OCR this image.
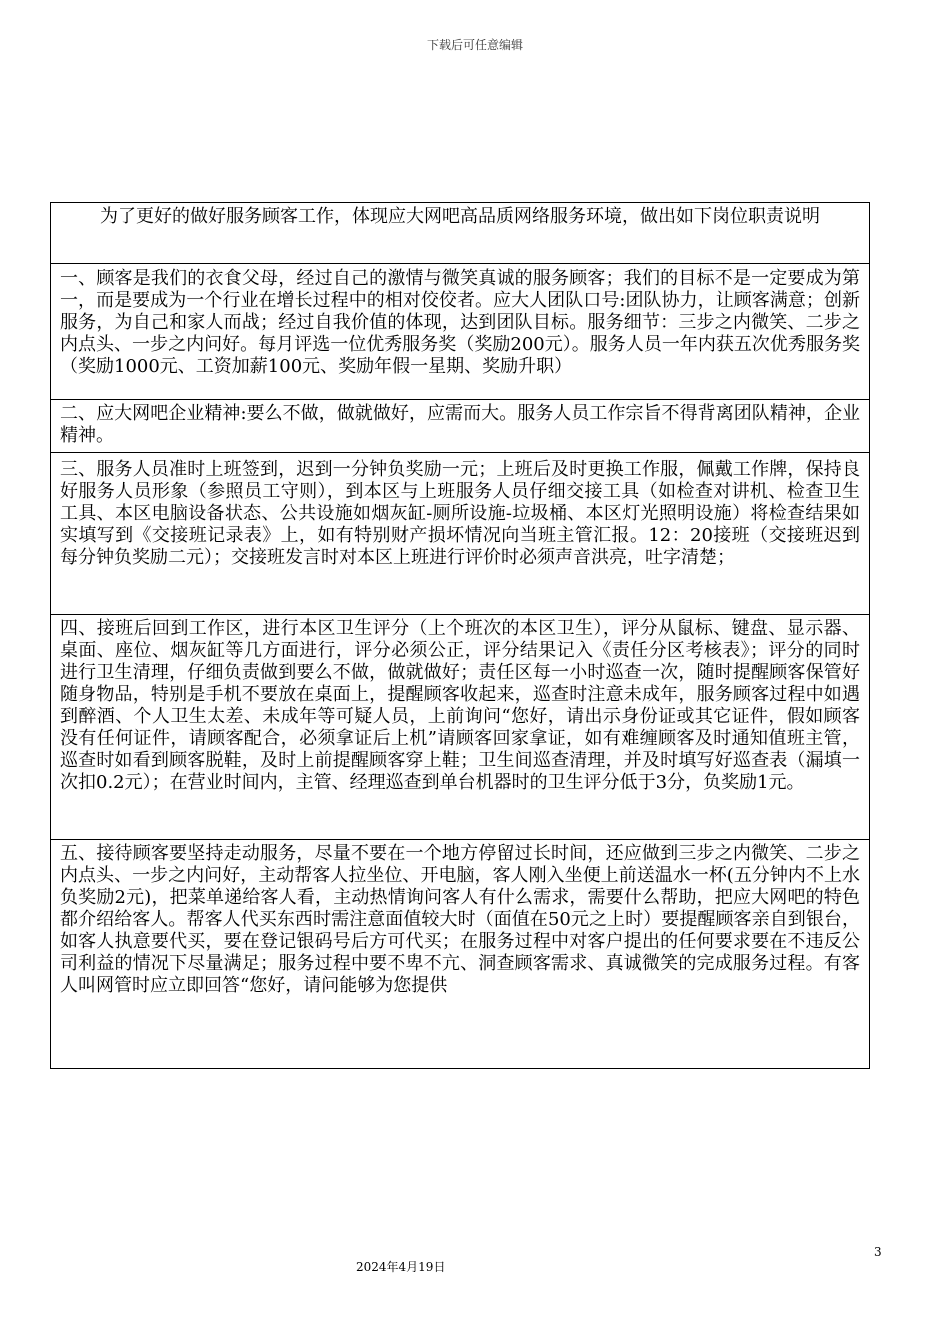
下载后可任意编辑
为了更好的做好服务顾客工作，体现应大网吧高品质网络服务环境，做出如下岗位职责说明
一、顾客是我们的衣食父母，经过自己的激情与微笑真诚的服务顾客；我们的目标不是一定要成为第一，而是要成为一个行业在增长过程中的相对佼佼者。应大人团队口号:团队协力，让顾客满意；创新服务，为自己和家人而战；经过自我价值的体现，达到团队目标。服务细节：三步之内微笑、二步之内点头、一步之内问好。每月评选一位优秀服务奖（奖励200元）。服务人员一年内获五次优秀服务奖（奖励1000元、工资加薪100元、奖励年假一星期、奖励升职）
二、应大网吧企业精神:要么不做，做就做好，应需而大。服务人员工作宗旨不得背离团队精神，企业精神。
三、服务人员准时上班签到，迟到一分钟负奖励一元；上班后及时更换工作服，佩戴工作牌，保持良好服务人员形象（参照员工守则），到本区与上班服务人员仔细交接工具（如检查对讲机、检查卫生工具、本区电脑设备状态、公共设施如烟灰缸-厕所设施-垃圾桶、本区灯光照明设施）将检查结果如实填写到《交接班记录表》上，如有特别财产损坏情况向当班主管汇报。12：20接班（交接班迟到每分钟负奖励二元）；交接班发言时对本区上班进行评价时必须声音洪亮，吐字清楚；
四、接班后回到工作区，进行本区卫生评分（上个班次的本区卫生），评分从鼠标、键盘、显示器、桌面、座位、烟灰缸等几方面进行，评分必须公正，评分结果记入《责任分区考核表》；评分的同时进行卫生清理，仔细负责做到要么不做，做就做好；责任区每一小时巡查一次，随时提醒顾客保管好随身物品，特别是手机不要放在桌面上，提醒顾客收起来，巡查时注意未成年，服务顾客过程中如遇到醉酒、个人卫生太差、未成年等可疑人员，上前询问“您好，请出示身份证或其它证件，假如顾客没有任何证件，请顾客配合，必须拿证后上机”请顾客回家拿证，如有难缠顾客及时通知值班主管，巡查时如看到顾客脱鞋，及时上前提醒顾客穿上鞋；卫生间巡查清理，并及时填写好巡查表（漏填一次扣0.2元）；在营业时间内，主管、经理巡查到单台机器时的卫生评分低于3分，负奖励1元。
五、接待顾客要坚持走动服务，尽量不要在一个地方停留过长时间，还应做到三步之内微笑、二步之内点头、一步之内问好，主动帮客人拉坐位、开电脑，客人刚入坐便上前送温水一杯(五分钟内不上水负奖励2元)，把菜单递给客人看，主动热情询问客人有什么需求，需要什么帮助，把应大网吧的特色都介绍给客人。帮客人代买东西时需注意面值较大时（面值在50元之上时）要提醒顾客亲自到银台，如客人执意要代买，要在登记银码号后方可代买；在服务过程中对客户提出的任何要求要在不违反公司利益的情况下尽量满足；服务过程中要不卑不亢、洞查顾客需求、真诚微笑的完成服务过程。有客人叫网管时应立即回答“您好，请问能够为您提供
3
2024年4月19日
